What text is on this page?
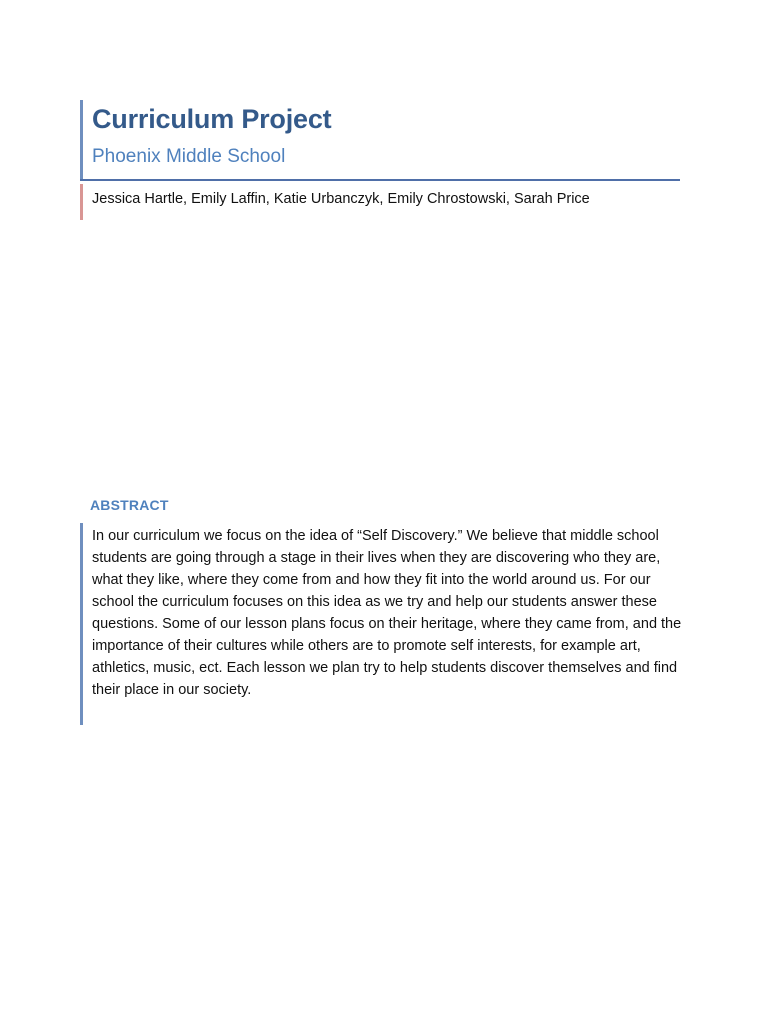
Curriculum Project
Phoenix Middle School

Jessica Hartle, Emily Laffin, Katie Urbanczyk, Emily Chrostowski, Sarah Price

ABSTRACT

In our curriculum we focus on the idea of “Self Discovery.” We believe that middle school students are going through a stage in their lives when they are discovering who they are, what they like, where they come from and how they fit into the world around us. For our school the curriculum focuses on this idea as we try and help our students answer these questions. Some of our lesson plans focus on their heritage, where they came from, and the importance of their cultures while others are to promote self interests, for example art, athletics, music, ect. Each lesson we plan try to help students discover themselves and find their place in our society.
